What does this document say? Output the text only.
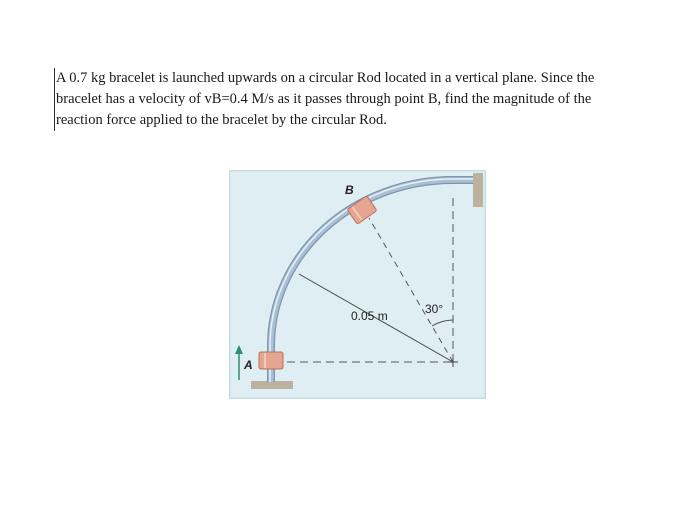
A 0.7 kg bracelet is launched upwards on a circular Rod located in a vertical plane. Since the
bracelet has a velocity of vB=0.4 M/s as it passes through point B, find the magnitude of the
reaction force applied to the bracelet by the circular Rod.
B
A
0.05 m	30°
